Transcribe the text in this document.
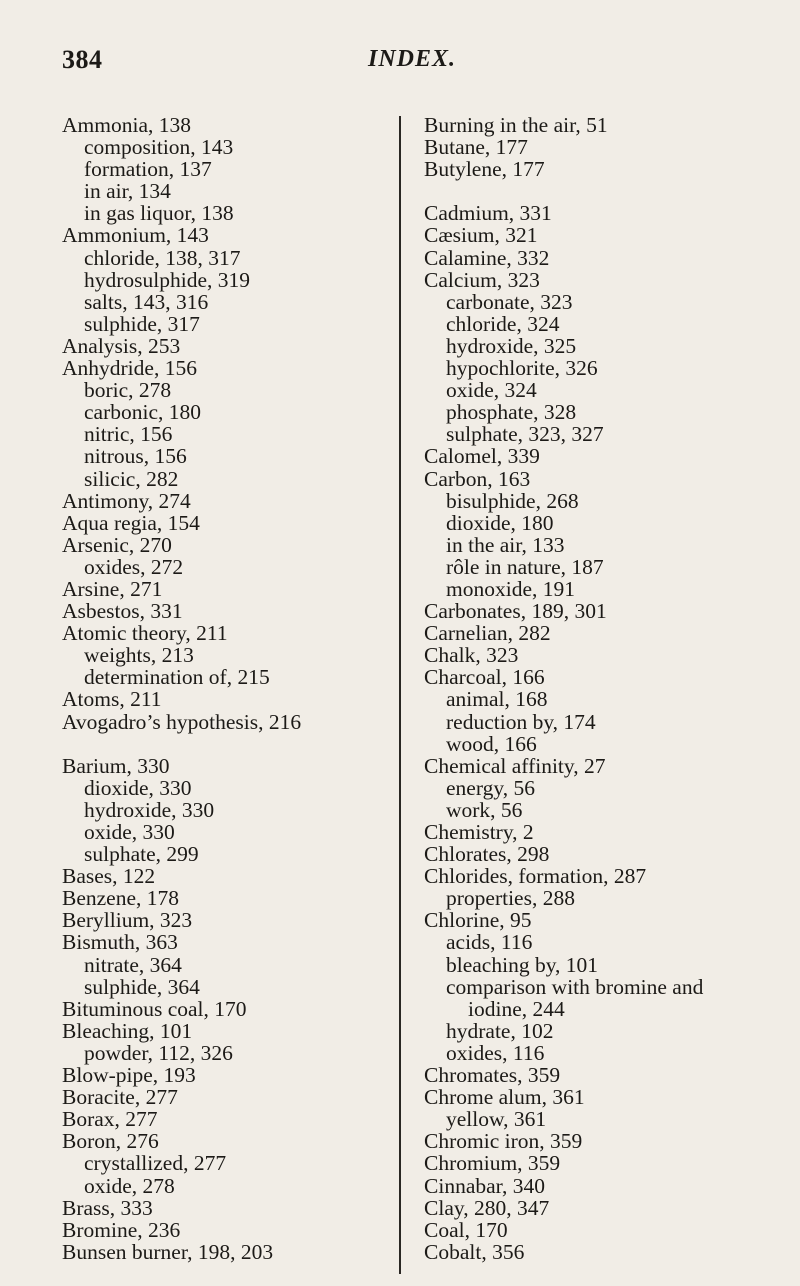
384	INDEX.
Ammonia, 138
composition, 143
formation, 137
in air, 134
in gas liquor, 138
Ammonium, 143
chloride, 138, 317
hydrosulphide, 319
salts, 143, 316
sulphide, 317
Analysis, 253
Anhydride, 156
boric, 278
carbonic, 180
nitric, 156
nitrous, 156
silicic, 282
Antimony, 274
Aqua regia, 154
Arsenic, 270
oxides, 272
Arsine, 271
Asbestos, 331
Atomic theory, 211
weights, 213
determination of, 215
Atoms, 211
Avogadro’s hypothesis, 216
Barium, 330
dioxide, 330
hydroxide, 330
oxide, 330
sulphate, 299
Bases, 122
Benzene, 178
Beryllium, 323
Bismuth, 363
nitrate, 364
sulphide, 364
Bituminous coal, 170
Bleaching, 101
powder, 112, 326
Blow-pipe, 193
Boracite, 277
Borax, 277
Boron, 276
crystallized, 277
oxide, 278
Brass, 333
Bromine, 236
Bunsen burner, 198, 203
Burning in the air, 51
Butane, 177
Butylene, 177
Cadmium, 331
Cæsium, 321
Calamine, 332
Calcium, 323
carbonate, 323
chloride, 324
hydroxide, 325
hypochlorite, 326
oxide, 324
phosphate, 328
sulphate, 323, 327
Calomel, 339
Carbon, 163
bisulphide, 268
dioxide, 180
in the air, 133
rôle in nature, 187
monoxide, 191
Carbonates, 189, 301
Carnelian, 282
Chalk, 323
Charcoal, 166
animal, 168
reduction by, 174
wood, 166
Chemical affinity, 27
energy, 56
work, 56
Chemistry, 2
Chlorates, 298
Chlorides, formation, 287
properties, 288
Chlorine, 95
acids, 116
bleaching by, 101
comparison with bromine and
iodine, 244
hydrate, 102
oxides, 116
Chromates, 359
Chrome alum, 361
yellow, 361
Chromic iron, 359
Chromium, 359
Cinnabar, 340
Clay, 280, 347
Coal, 170
Cobalt, 356
